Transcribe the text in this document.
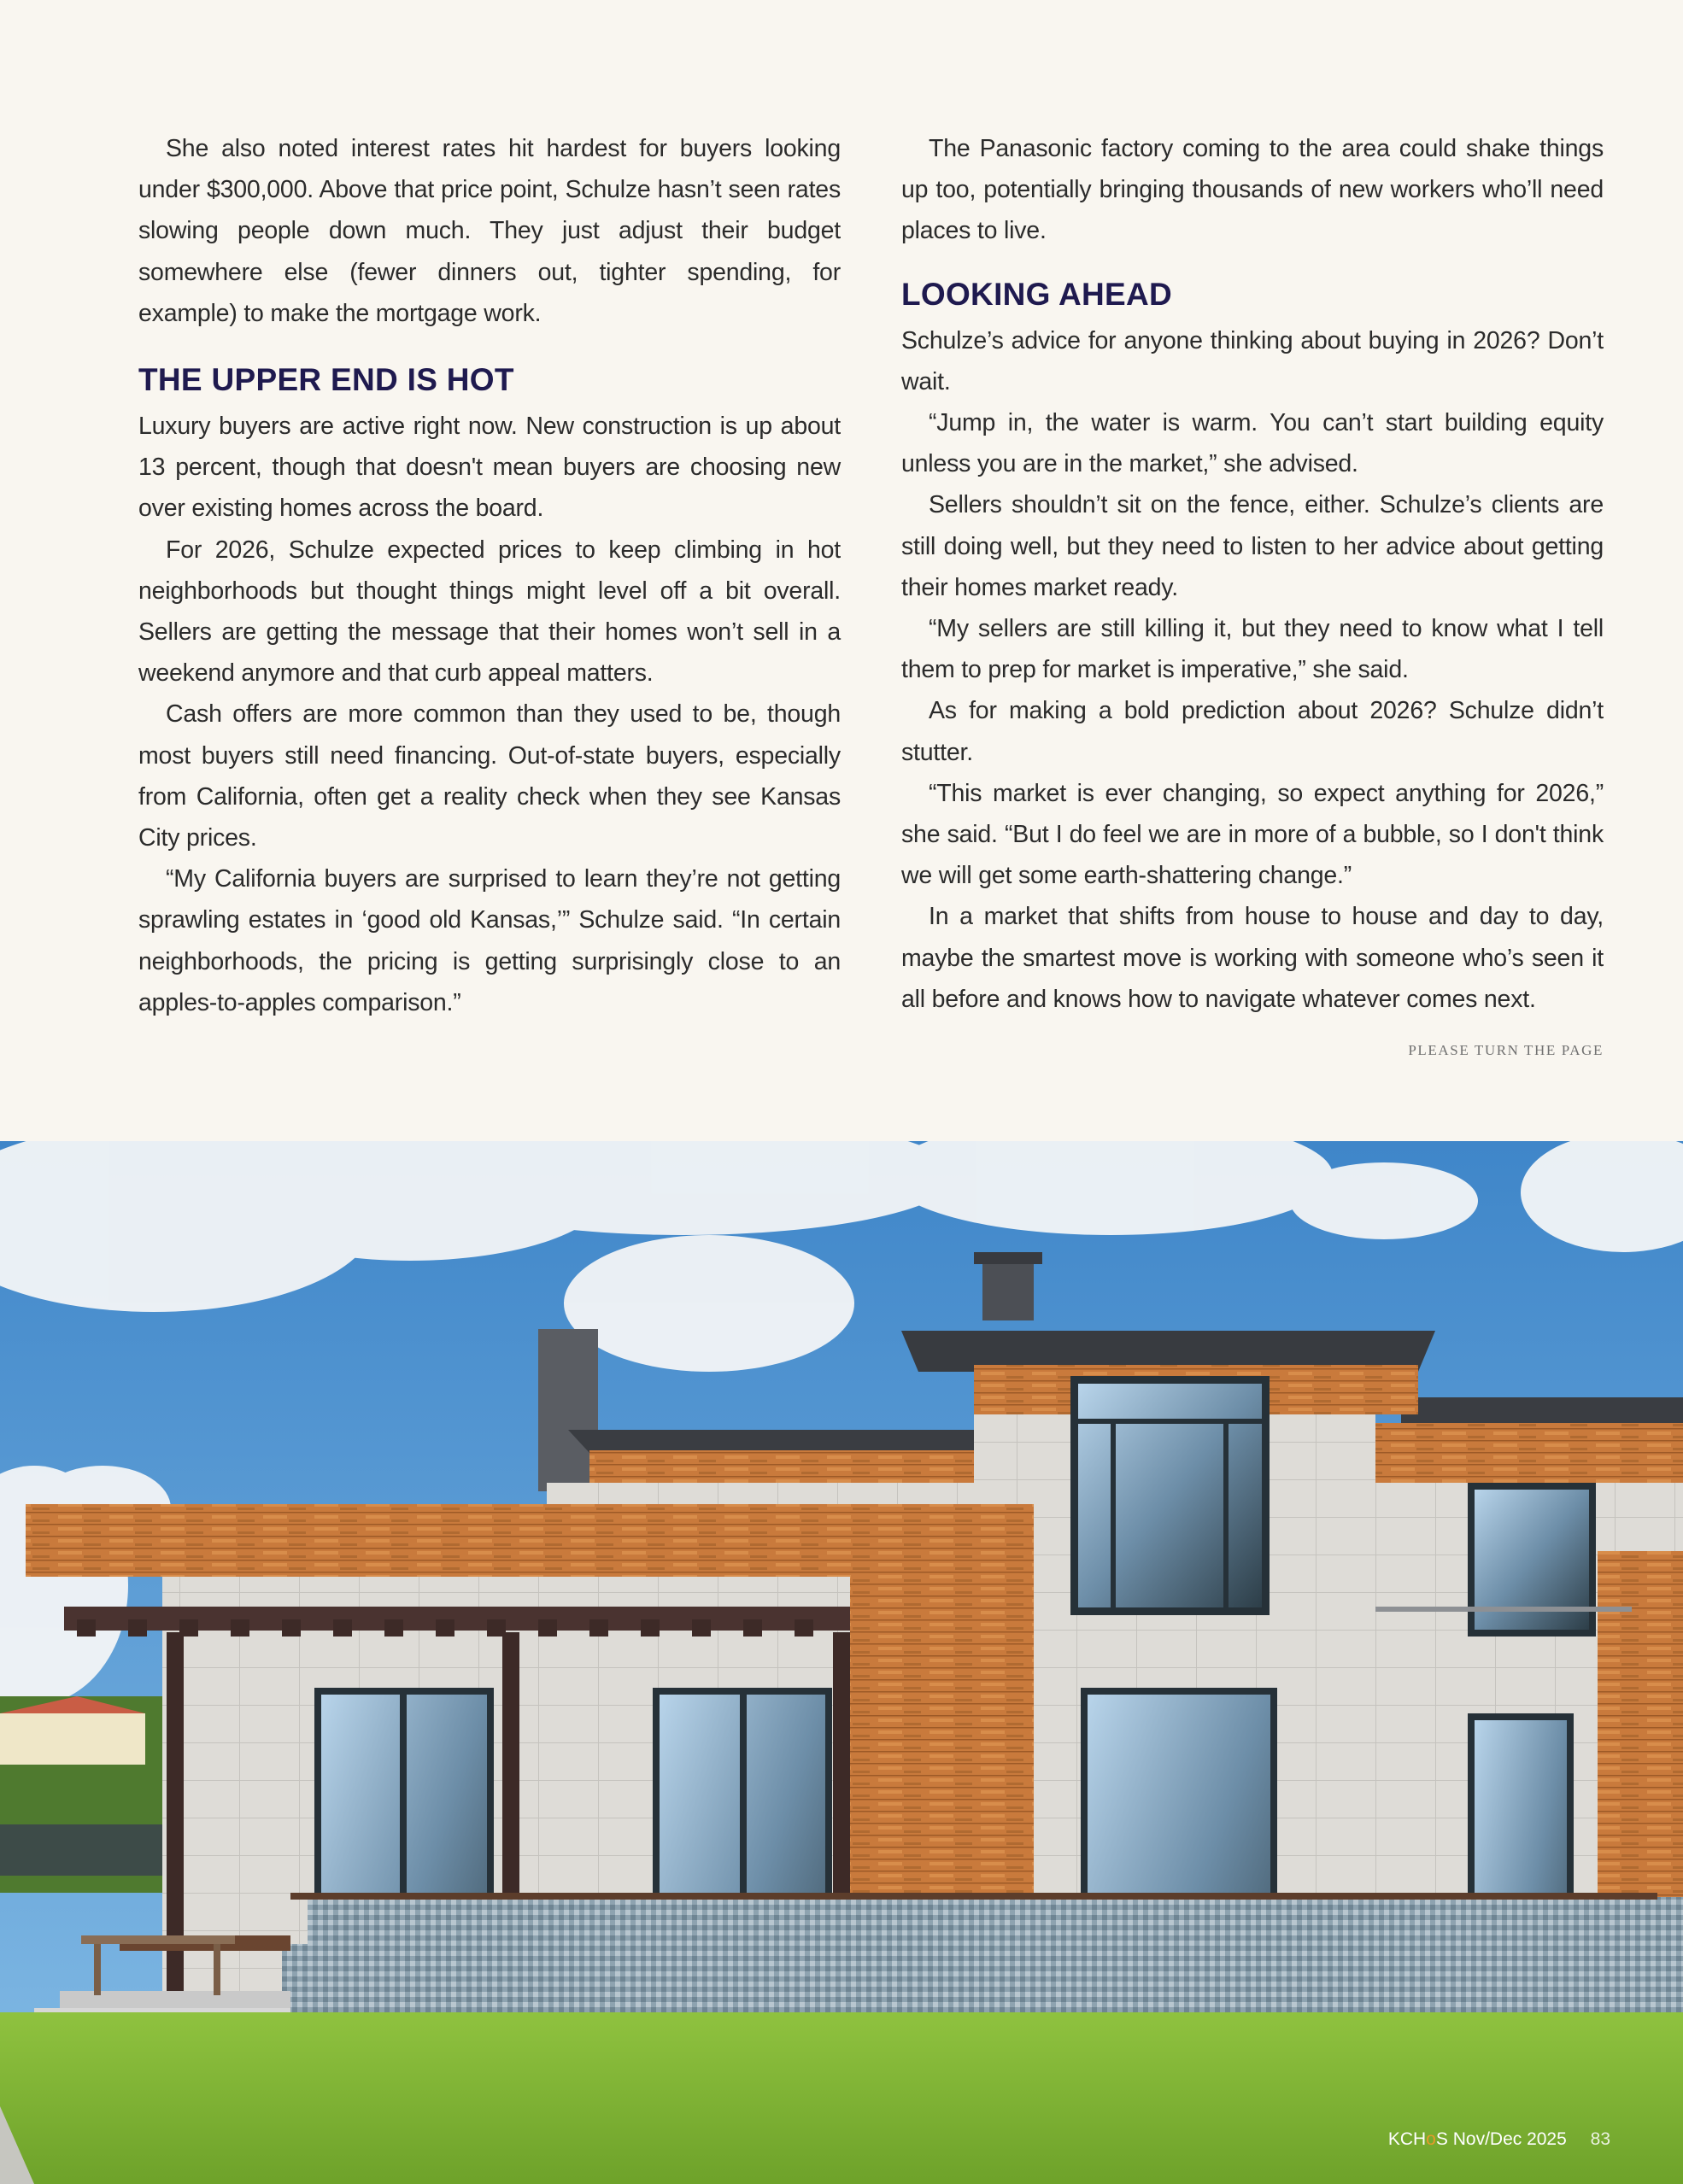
She also noted interest rates hit hardest for buyers looking under $300,000. Above that price point, Schulze hasn’t seen rates slowing people down much. They just adjust their budget somewhere else (fewer dinners out, tighter spending, for example) to make the mortgage work.

THE UPPER END IS HOT

Luxury buyers are active right now. New construction is up about 13 percent, though that doesn't mean buyers are choosing new over existing homes across the board.

For 2026, Schulze expected prices to keep climbing in hot neighborhoods but thought things might level off a bit overall. Sellers are getting the message that their homes won’t sell in a weekend anymore and that curb appeal matters.

Cash offers are more common than they used to be, though most buyers still need financing. Out-of-state buyers, especially from California, often get a reality check when they see Kansas City prices.

“My California buyers are surprised to learn they’re not getting sprawling estates in ‘good old Kansas,’” Schulze said. “In certain neighborhoods, the pricing is getting surprisingly close to an apples-to-apples comparison.”

The Panasonic factory coming to the area could shake things up too, potentially bringing thousands of new workers who’ll need places to live.

LOOKING AHEAD

Schulze’s advice for anyone thinking about buying in 2026? Don’t wait.

“Jump in, the water is warm. You can’t start building equity unless you are in the market,” she advised.

Sellers shouldn’t sit on the fence, either. Schulze’s clients are still doing well, but they need to listen to her advice about getting their homes market ready.

“My sellers are still killing it, but they need to know what I tell them to prep for market is imperative,” she said.

As for making a bold prediction about 2026? Schulze didn’t stutter.

“This market is ever changing, so expect anything for 2026,” she said. “But I do feel we are in more of a bubble, so I don't think we will get some earth-shattering change.”

In a market that shifts from house to house and day to day, maybe the smartest move is working with someone who’s seen it all before and knows how to navigate whatever comes next.

PLEASE TURN THE PAGE
KCHoS Nov/Dec 2025 83
